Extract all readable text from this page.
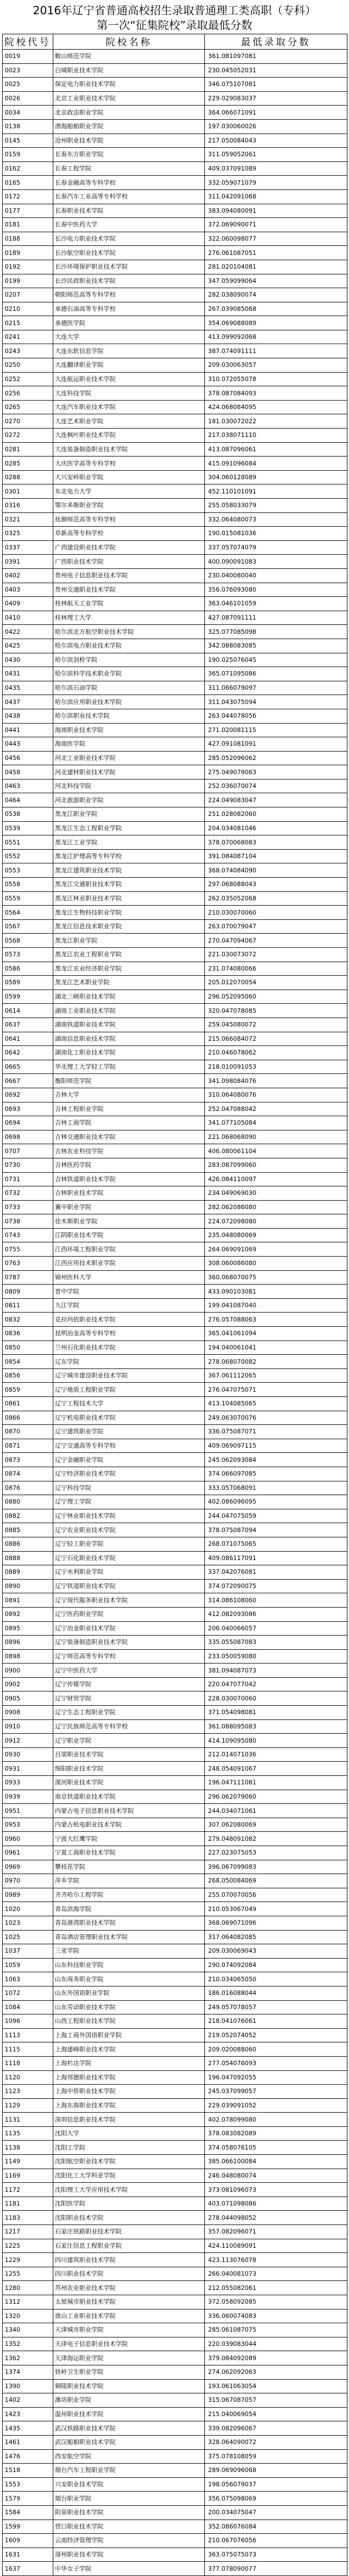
2016年辽宁省普通高校招生录取普通理工类高职（专科）
第一次“征集院校”录取最低分数
院校代号	院校名称	最低录取分数
0019	鞍山师范学院	361.081097081
0023	白城职业技术学院	230.045052031
0025	保定电力职业技术学院	346.075107081
0026	北京工业职业技术学院	229.029083037
0034	北京政法职业学院	364.066071091
0138	渤海船舶职业学院	197.030060026
0145	沧州职业技术学院	217.050084043
0159	长春东方职业学院	311.059052061
0162	长春工程学院	409.037091089
0165	长春金融高等专科学校	332.059071079
0172	长春汽车工业高等专科学校	311.042091068
0177	长春职业技术学院	383.094080091
0181	长春中医药大学	372.069090071
0188	长沙电力职业技术学院	322.060098077
0189	长沙航空职业技术学院	276.061087051
0192	长沙环境保护职业技术学院	281.020104081
0199	长沙民政职业技术学院	347.059099064
0207	朝阳师范高等专科学校	282.038090074
0210	承德石油高等专科学校	267.039085068
0215	承德医学院	354.069088089
0241	大连大学	413.099092068
0243	大连东软信息学院	387.074091111
0250	大连翻译职业学院	209.030063057
0252	大连航运职业技术学院	310.072055078
0256	大连科技学院	378.087084093
0265	大连汽车职业技术学院	424.068084095
0270	大连艺术职业学院	181.030072022
0272	大连枫叶职业技术学院	217.038071110
0281	大连装备制造职业技术学院	413.087096061
0285	大庆医学高等专科学校	415.091096084
0288	大兴安岭职业学院	304.060128089
0301	东北电力大学	452.110101091
0316	鄂尔多斯职业学院	255.058033079
0321	抚顺师范高等专科学校	332.064080073
0325	阜新高等专科学校	190.015081036
0337	广西建设职业技术学院	337.057074079
0391	广西职业技术学院	400.090091083
0402	贵州电子信息职业技术学院	230.040080040
0403	贵州交通职业技术学院	356.076093080
0409	桂林航天工业学院	363.046101059
0410	桂林理工大学	427.087091111
0422	哈尔滨北方航空职业技术学院	325.077085098
0425	哈尔滨电力职业技术学院	342.088083085
0430	哈尔滨剑桥学院	190.025076045
0431	哈尔滨科学技术职业学院	365.071095086
0435	哈尔滨石油学院	311.066079097
0437	哈尔滨应用职业技术学院	311.043075094
0438	哈尔滨职业技术学院	263.044078056
0441	海南职业技术学院	271.020081115
0443	海南医学院	427.091081091
0456	河北工业职业技术学院	285.052096062
0458	河北建材职业技术学院	275.049079063
0463	河北科技学院	252.036070074
0464	河北旅游职业学院	224.049083047
0538	黑龙江职业学院	251.028082060
0539	黑龙江生态工程职业学院	204.034081046
0551	黑龙江工业学院	378.070068083
0552	黑龙江护理高等专科学校	391.084087104
0553	黑龙江建筑职业技术学院	368.074084090
0558	黑龙江交通职业技术学院	297.068088043
0559	黑龙江林业职业技术学院	262.035052068
0564	黑龙江生物科技职业学院	210.030070060
0567	黑龙江信息技术职业学院	263.070079047
0568	黑龙江职业学院	270.047094067
0573	黑龙江农业工程职业学院	221.030073072
0586	黑龙江农业经济职业学院	231.074080066
0589	黑龙江艺术职业学院	205.012070054
0599	湖北三峡职业技术学院	296.052095060
0614	湖南工业职业技术学院	320.047078085
0637	湖南铁道职业技术学院	259.045080072
0641	湖南信息职业技术学院	215.066084072
0642	湖南化工职业技术学院	210.046078062
0665	华北理工大学轻工学院	218.010091053
0667	衡阳师范学院	341.098084076
0692	吉林大学	310.064080076
0693	吉林工程职业学院	252.047088042
0694	吉林工商学院	341.077105084
0698	吉林交通职业技术学院	221.068068090
0707	吉林农业科技学院	406.080061104
0730	吉林医药学院	283.087099060
0731	吉林铁道职业技术学院	426.084110097
0732	吉林职业技术学院	234.049069030
0733	冀中职业学院	282.062086080
0738	佳木斯职业学院	224.072098080
0743	江阴职业技术学院	235.048080069
0755	江西环境工程职业学院	264.069091069
0763	江西应用技术职业学院	308.060086080
0787	锦州医科大学	360.068070075
0809	晋中学院	433.090103081
0811	九江学院	199.041087040
0832	克拉玛依职业技术学院	276.057088063
0836	昆明冶金高等专科学校	365.041061094
0850	兰州石化职业技术学院	194.040061041
0854	辽东学院	278.068070082
0856	辽宁城市建设职业技术学院	367.061112065
0859	辽宁地质工程职业学院	276.047075071
0861	辽宁工程技术大学	413.104085065
0866	辽宁机电职业技术学院	249.063070076
0870	辽宁建筑职业学院	336.075087071
0871	辽宁交通高等专科学校	409.069097115
0873	辽宁金融职业学院	245.062093084
0874	辽宁经济职业技术学院	374.066097085
0876	辽宁科技学院	333.057068091
0880	辽宁理工学院	402.086096095
0882	辽宁林业职业技术学院	244.047075059
0885	辽宁农业职业技术学院	378.075087094
0886	辽宁轻工职业学院	268.071075065
0888	辽宁石化职业技术学院	409.086117091
0889	辽宁水利职业学院	337.042076081
0890	辽宁铁道职业技术学院	374.072090075
0891	辽宁现代服务职业技术学院	314.086108060
0892	辽宁医药职业学院	412.082093086
0895	辽宁冶金职业技术学院	206.040066057
0896	辽宁装备制造职业技术学院	335.055087083
0898	辽宁师范高等专科学校	233.050059080
0900	辽宁中医药大学	381.094087073
0902	辽宁传媒学院	220.047077042
0905	辽宁财贸学院	228.030070060
0908	辽宁生态工程职业学院	371.054098081
0910	辽宁民族师范高等专科学校	361.088095083
0912	辽宁职业学院	414.109095080
0930	吕梁职业技术学院	212.014071036
0931	绵阳职业技术学院	248.054091067
0933	漠河职业技术学院	196.047111081
0939	南京铁道职业技术学院	296.062079060
0951	内蒙古电子信息职业技术学院	244.034071061
0953	内蒙古机电职业技术学院	307.062080069
0960	宁波大红鹰学院	279.048091082
0961	宁夏工商职业技术学院	227.023075053
0969	攀枝花学院	396.067099083
0970	萍乡学院	268.050084069
0989	齐齐哈尔工程学院	255.070070056
1020	青岛滨海学院	210.053067049
1023	青岛港湾职业技术学院	368.069071096
1025	青岛酒店管理职业技术学院	317.064082085
1037	三亚学院	209.030069043
1059	山东科技职业学院	290.074092084
1063	山东商务职业学院	210.034065050
1072	山东外国语职业学院	186.016088044
1084	山东劳动职业技术学院	249.057078057
1096	山西工程职业技术学院	218.041076061
1113	上海工商外国语职业学院	219.052074052
1115	上海建峰职业技术学院	209.020088060
1118	上海杉达学院	277.054076093
1120	上海邦德职业技术学院	196.047092055
1123	上海中侨职业技术学院	245.037099057
1129	上海东海职业技术学院	229.039091052
1131	深圳信息职业技术学院	402.078099080
1135	沈阳大学	378.083082089
1138	沈阳工学院	374.058076105
1149	沈阳航空职业技术学院	385.066100084
1169	沈阳化工大学科亚学院	246.048080074
1172	沈阳理工大学应用技术学院	373.081096073
1181	沈阳医学院	403.071098086
1183	沈阳职业技术学院	278.044098052
1217	石家庄铁路职业技术学院	357.082096071
1225	石家庄信息工程职业学院	424.110089091
1229	四川建筑职业技术学院	423.113076078
1255	四川职业技术学院	266.040081073
1280	苏州农业职业技术学院	212.055082061
1312	太原城市职业技术学院	372.058092085
1320	唐山工业职业技术学院	336.060074083
1340	天津城市职业学院	285.061087075
1352	天津电子信息职业技术学院	220.039083044
1362	天津海运职业学院	379.084092089
1374	铁岭卫生职业学院	274.062092063
1390	铜陵职业技术学院	193.061063054
1402	潍坊职业学院	315.067087057
1423	温州职业技术学院	215.040069054
1435	武汉铁路职业技术学院	339.082096067
1461	武汉船舶职业技术学院	328.064090072
1476	西安航空学院	375.078108059
1518	烟台汽车工程职业学院	289.069096068
1553	兴安职业技术学院	198.056079037
1579	烟台职业学院	356.075098069
1584	阳泉职业技术学院	200.034075047
1599	营口职业技术学院	352.086076084
1609	云南经济管理学院	210.067076056
1631	漳州职业技术学院	363.075075073
1637	中华女子学院	377.078090077
